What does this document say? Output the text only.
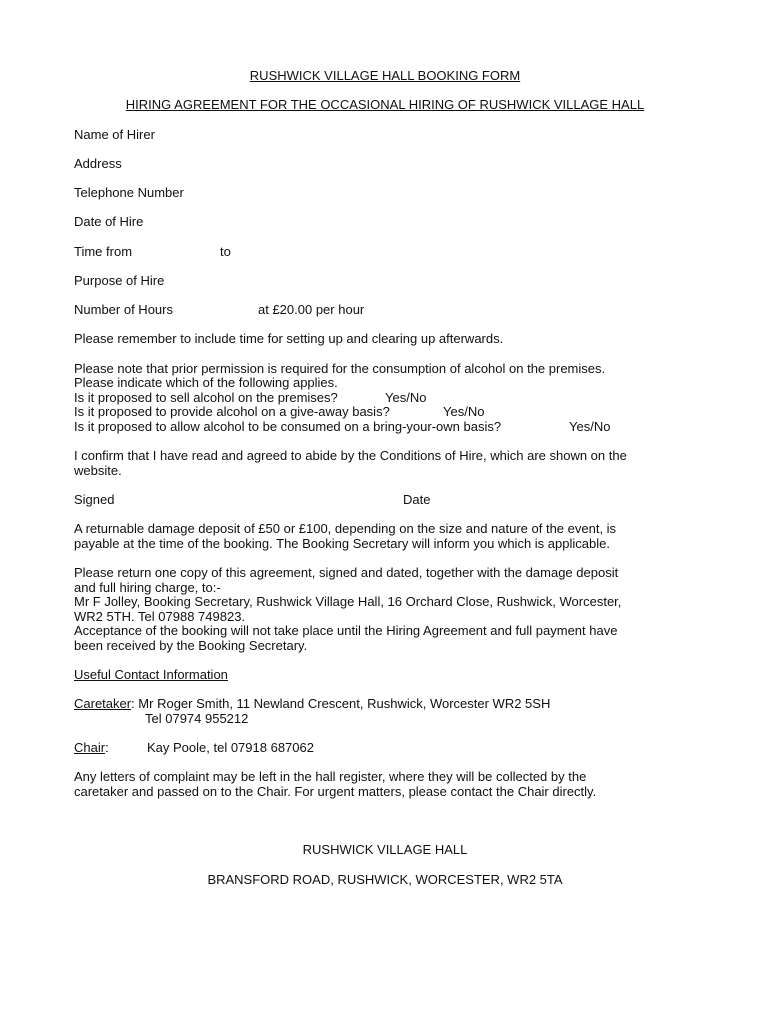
RUSHWICK VILLAGE HALL BOOKING FORM
HIRING AGREEMENT FOR THE OCCASIONAL HIRING OF RUSHWICK VILLAGE HALL
Name of Hirer
Address
Telephone Number
Date of Hire
Time from	to
Purpose of Hire
Number of Hours	at £20.00 per hour
Please remember to include time for setting up and clearing up afterwards.
Please note that prior permission is required for the consumption of alcohol on the premises.
Please indicate which of the following applies.
Is it proposed to sell alcohol on the premises?	Yes/No
Is it proposed to provide alcohol on a give-away basis?	Yes/No
Is it proposed to allow alcohol to be consumed on a bring-your-own basis?	Yes/No
I confirm that I have read and agreed to abide by the Conditions of Hire, which are shown on the
website.
Signed	Date
A returnable damage deposit of £50 or £100, depending on the size and nature of the event, is
payable at the time of the booking. The Booking Secretary will inform you which is applicable.
Please return one copy of this agreement, signed and dated, together with the damage deposit
and full hiring charge, to:-
Mr F Jolley, Booking Secretary, Rushwick Village Hall, 16 Orchard Close, Rushwick, Worcester,
WR2 5TH. Tel 07988 749823.
Acceptance of the booking will not take place until the Hiring Agreement and full payment have
been received by the Booking Secretary.
Useful Contact Information
Caretaker: Mr Roger Smith, 11 Newland Crescent, Rushwick, Worcester WR2 5SH
Tel 07974 955212
Chair:	Kay Poole, tel 07918 687062
Any letters of complaint may be left in the hall register, where they will be collected by the
caretaker and passed on to the Chair. For urgent matters, please contact the Chair directly.
RUSHWICK VILLAGE HALL
BRANSFORD ROAD, RUSHWICK, WORCESTER, WR2 5TA
